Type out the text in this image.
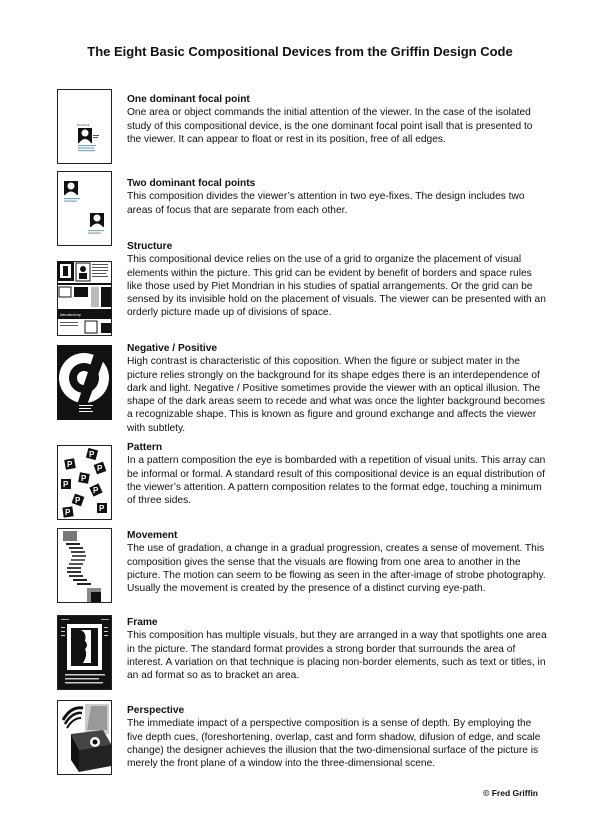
The Eight Basic Compositional Devices from the Griffin Design Code
Dot Point
One dominant focal point
One area or object commands the initial attention of the viewer. In the case of the isolated study of this compositional device, is the one dominant focal point isall that is presented to the viewer. It can appear to float or rest in its position, free of all edges.
Two dominant focal points
This composition divides the viewer’s attention in two eye-fixes. The design includes two areas of focus that are separate from each other.
introductory
Structure
This compositional device relies on the use of a grid to organize the placement of visual elements within the picture. This grid can be evident by benefit of borders and space rules like those used by Piet Mondrian in his studies of spatial arrangements. Or the grid can be sensed by its invisible hold on the placement of visuals. The viewer can be presented with an orderly picture made up of divisions of space.
Negative / Positive
High contrast is characteristic of this coposition. When the figure or subject mater in the picture relies strongly on the background for its shape edges there is an interdependence of dark and light. Negative / Positive sometimes provide the viewer with an optical illusion. The shape of the dark areas seem to recede and what was once the lighter background becomes a recognizable shape. This is known as figure and ground exchange and affects the viewer with subtlety.
P
P
P
P
P
P
P
P
P
Pattern
In a pattern composition the eye is bombarded with a repetition of visual units. This array can be informal or formal. A standard result of this compositional device is an equal distribution of the viewer’s attention. A pattern composition relates to the format edge, touching a minimum of three sides.
Movement
The use of gradation, a change in a gradual progression, creates a sense of movement. This composition gives the sense that the visuals are flowing from one area to another in the picture. The motion can seem to be flowing as seen in the after-image of strobe photography. Usually the movement is created by the presence of a distinct curving eye-path.
Frame
This composition has multiple visuals, but they are arranged in a way that spotlights one area in the picture. The standard format provides a strong border that surrounds the area of interest. A variation on that technique is placing non-border elements, such as text or titles, in an ad format so as to bracket an area.
Perspective
The immediate impact of a perspective composition is a sense of depth. By employing the five depth cues, (foreshortening, overlap, cast and form shadow, difusion of edge, and scale change) the designer achieves the illusion that the two-dimensional surface of the picture is merely the front plane of a window into the three-dimensional scene.
© Fred Griffin
